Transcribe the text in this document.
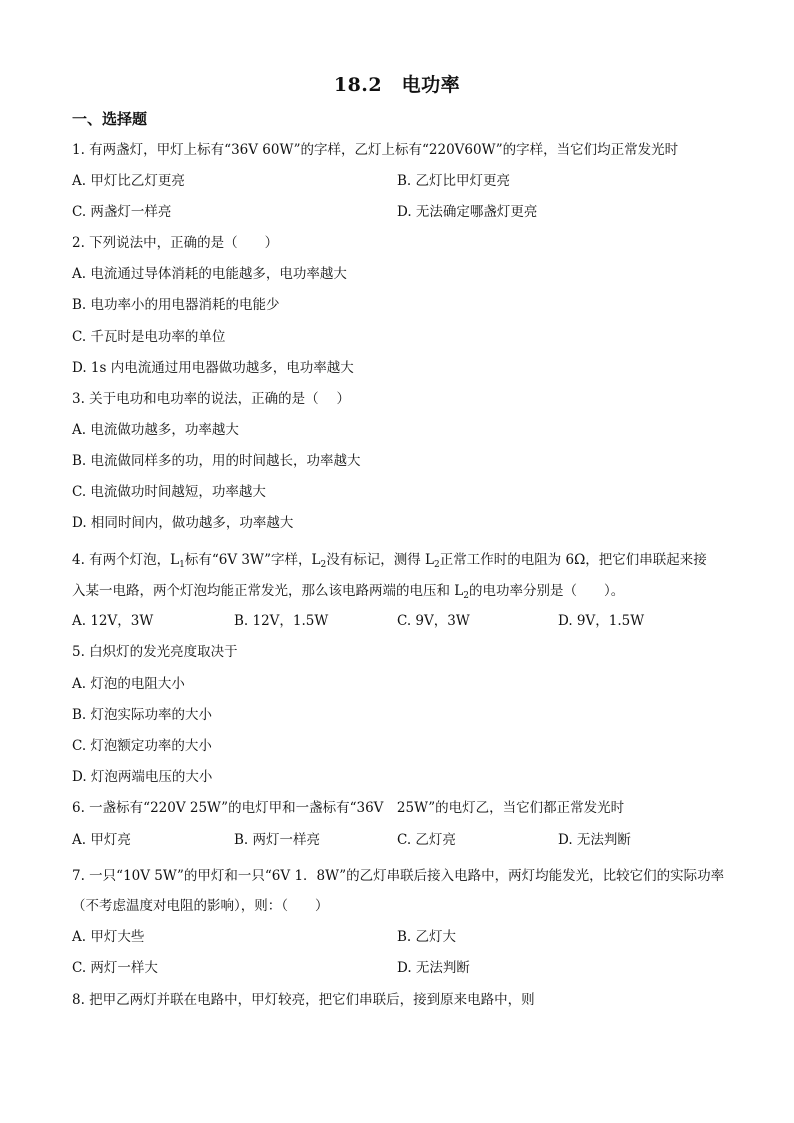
18.2　电功率
一、选择题
1. 有两盏灯，甲灯上标有“36V 60W”的字样，乙灯上标有“220V60W”的字样，当它们均正常发光时
A. 甲灯比乙灯更亮	B. 乙灯比甲灯更亮
C. 两盏灯一样亮	D. 无法确定哪盏灯更亮
2. 下列说法中，正确的是（　　）
A. 电流通过导体消耗的电能越多，电功率越大
B. 电功率小的用电器消耗的电能少
C. 千瓦时是电功率的单位
D. 1s 内电流通过用电器做功越多，电功率越大
3. 关于电功和电功率的说法，正确的是（　 ）
A. 电流做功越多，功率越大
B. 电流做同样多的功，用的时间越长，功率越大
C. 电流做功时间越短，功率越大
D. 相同时间内，做功越多，功率越大
4. 有两个灯泡，$L_1$标有“6V 3W”字样，$L_2$没有标记，测得 $L_2$正常工作时的电阻为 6Ω，把它们串联起来接
入某一电路，两个灯泡均能正常发光，那么该电路两端的电压和 $L_2$的电功率分别是（　　）。
A. 12V，3W	B. 12V，1.5W	C. 9V，3W	D. 9V，1.5W
5. 白炽灯的发光亮度取决于
A. 灯泡的电阻大小
B. 灯泡实际功率的大小
C. 灯泡额定功率的大小
D. 灯泡两端电压的大小
6. 一盏标有“220V 25W”的电灯甲和一盏标有“36V　25W”的电灯乙，当它们都正常发光时
A. 甲灯亮	B. 两灯一样亮	C. 乙灯亮	D. 无法判断
7. 一只“10V 5W”的甲灯和一只“6V 1．8W”的乙灯串联后接入电路中，两灯均能发光，比较它们的实际功率
（不考虑温度对电阻的影响），则：（　　）
A. 甲灯大些	B. 乙灯大
C. 两灯一样大	D. 无法判断
8. 把甲乙两灯并联在电路中，甲灯较亮，把它们串联后，接到原来电路中，则
